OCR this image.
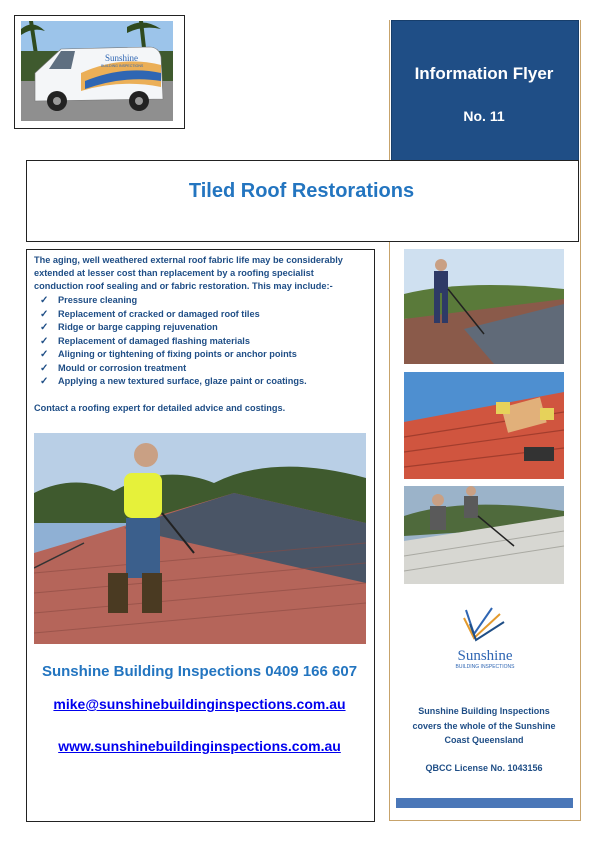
Sunshine
BUILDING INSPECTIONS	Information Flyer
No. 11
Tiled Roof Restorations
The aging, well weathered external roof fabric life may be considerably extended at lesser cost than replacement by a roofing specialist conduction roof sealing and or fabric restoration. This may include:-
✓ Pressure cleaning
✓ Replacement of cracked or damaged roof tiles
✓ Ridge or barge capping rejuvenation
✓ Replacement of damaged flashing materials
✓ Aligning or tightening of fixing points or anchor points
✓ Mould or corrosion treatment
✓ Applying a new textured surface, glaze paint or coatings.
Contact a roofing expert for detailed advice and costings.
Sunshine Building Inspections 0409 166 607
mike@sunshinebuildinginspections.com.au
www.sunshinebuildinginspections.com.au
Sunshine
BUILDING INSPECTIONS
Sunshine Building Inspections
covers the whole of the Sunshine
Coast Queensland
QBCC License No. 1043156
